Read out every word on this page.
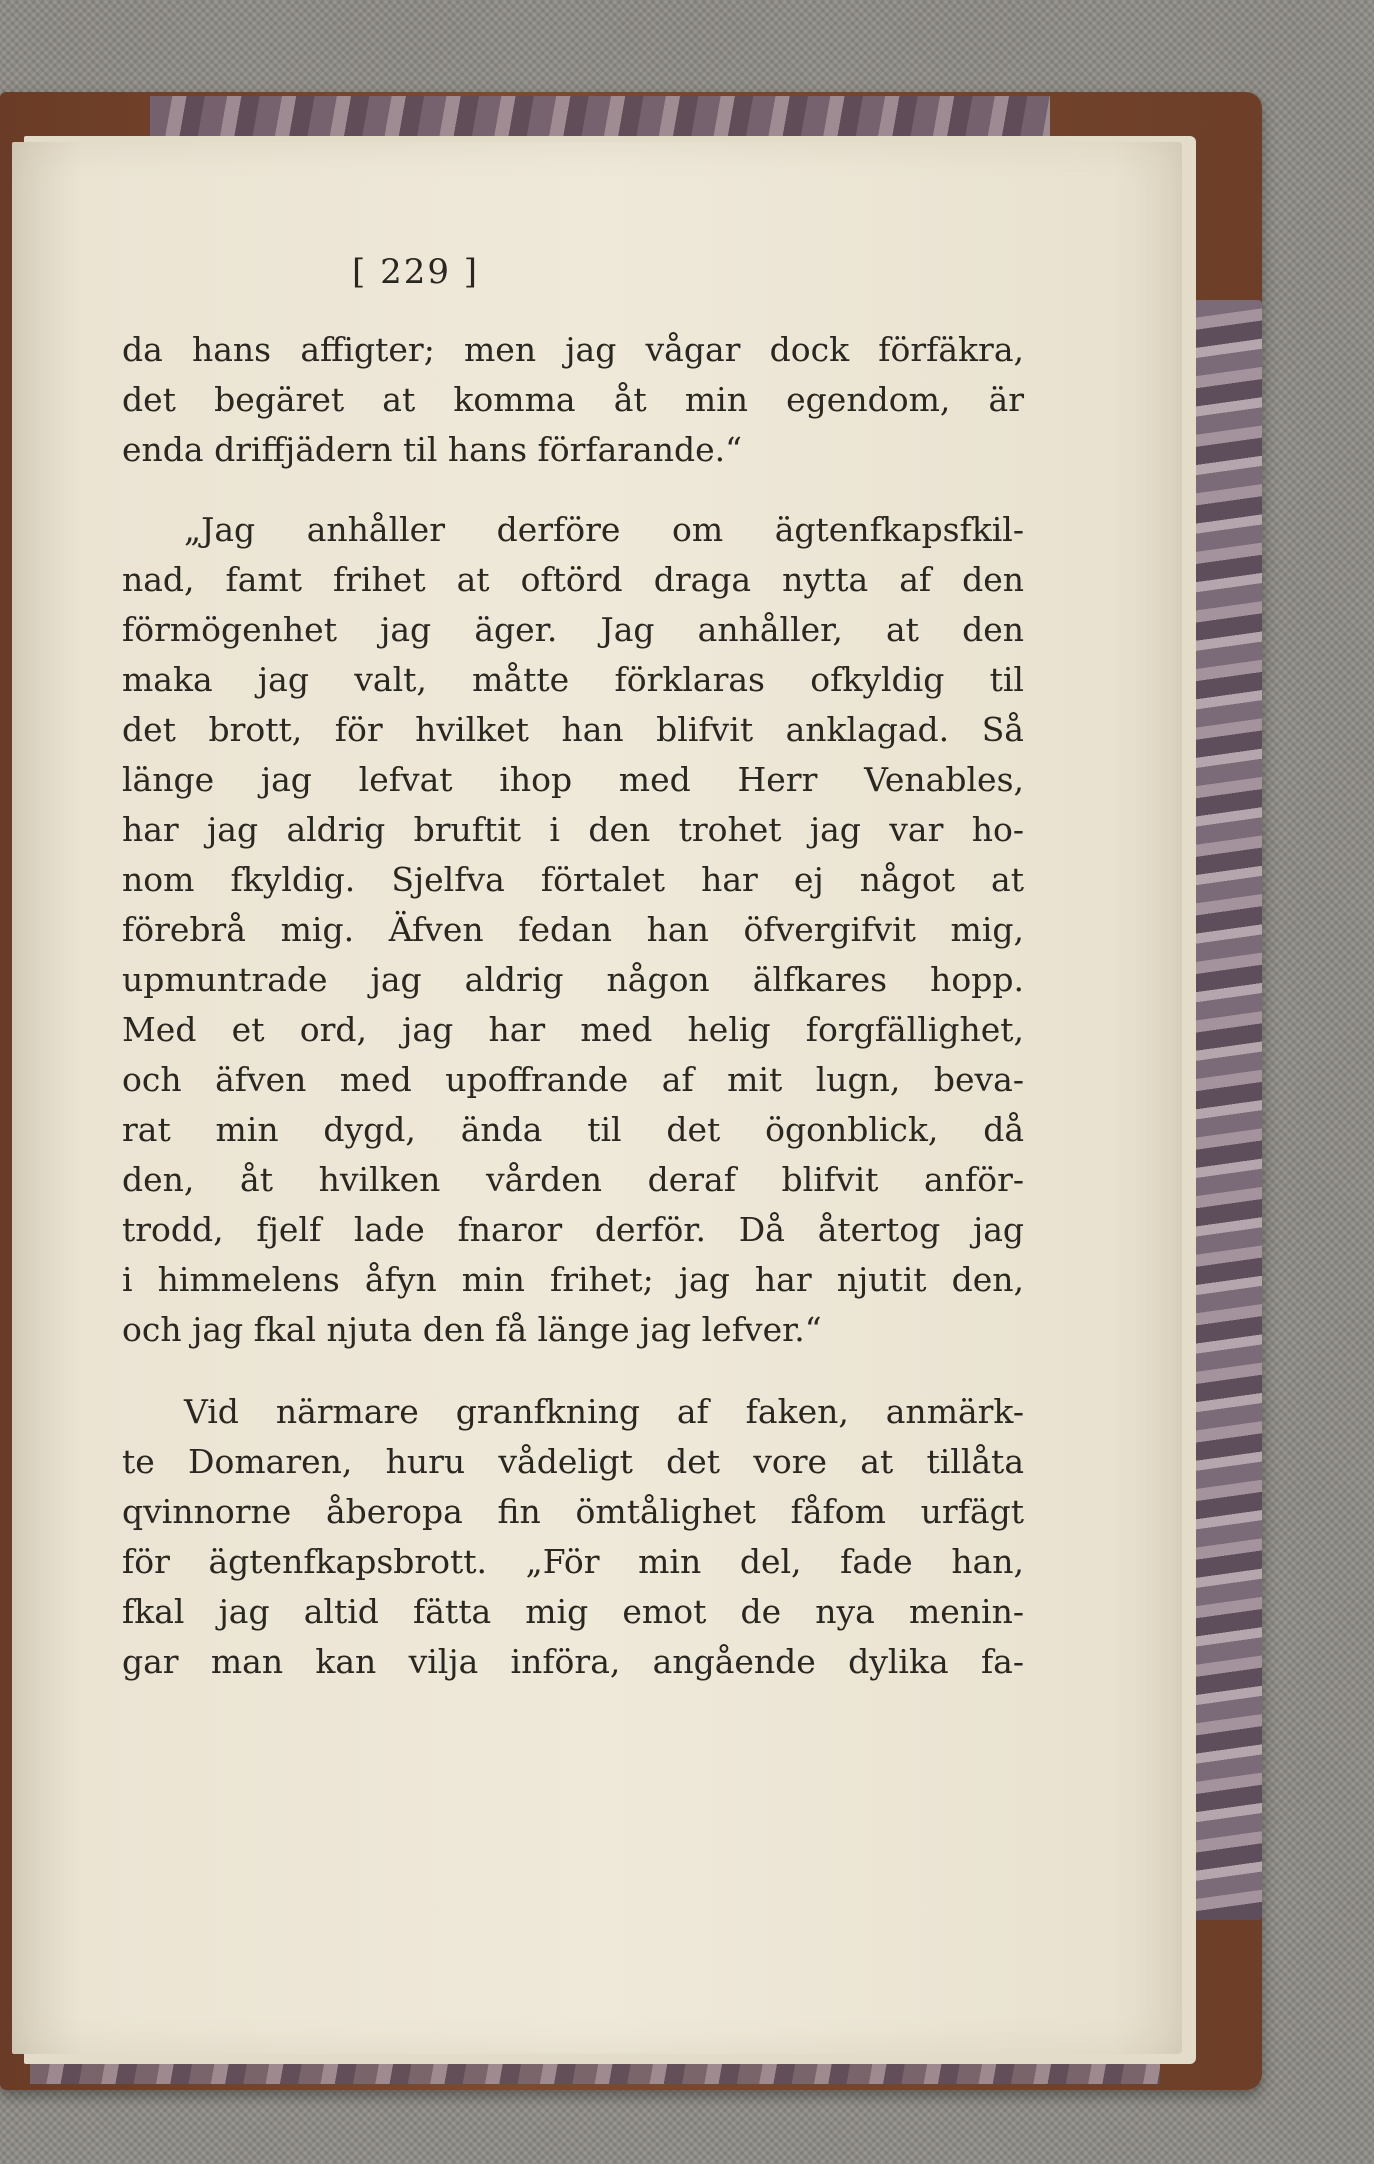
[ 229 ]
da hans affigter; men jag vågar dock förfäkra,
det begäret at komma åt min egendom, är
enda driffjädern til hans förfarande.“
„Jag anhåller derföre om ägtenfkapsfkil-
nad, famt frihet at oftörd draga nytta af den
förmögenhet jag äger. Jag anhåller, at den
maka jag valt, måtte förklaras ofkyldig til
det brott, för hvilket han blifvit anklagad. Så
länge jag lefvat ihop med Herr Venables,
har jag aldrig bruftit i den trohet jag var ho-
nom fkyldig. Sjelfva förtalet har ej något at
förebrå mig. Äfven fedan han öfvergifvit mig,
upmuntrade jag aldrig någon älfkares hopp.
Med et ord, jag har med helig forgfällighet,
och äfven med upoffrande af mit lugn, beva-
rat min dygd, ända til det ögonblick, då
den, åt hvilken vården deraf blifvit anför-
trodd, fjelf lade fnaror derför. Då återtog jag
i himmelens åfyn min frihet; jag har njutit den,
och jag fkal njuta den få länge jag lefver.“
Vid närmare granfkning af faken, anmärk-
te Domaren, huru vådeligt det vore at tillåta
qvinnorne åberopa fin ömtålighet fåfom urfägt
för ägtenfkapsbrott. „För min del, fade han,
fkal jag altid fätta mig emot de nya menin-
gar man kan vilja införa, angående dylika fa-
